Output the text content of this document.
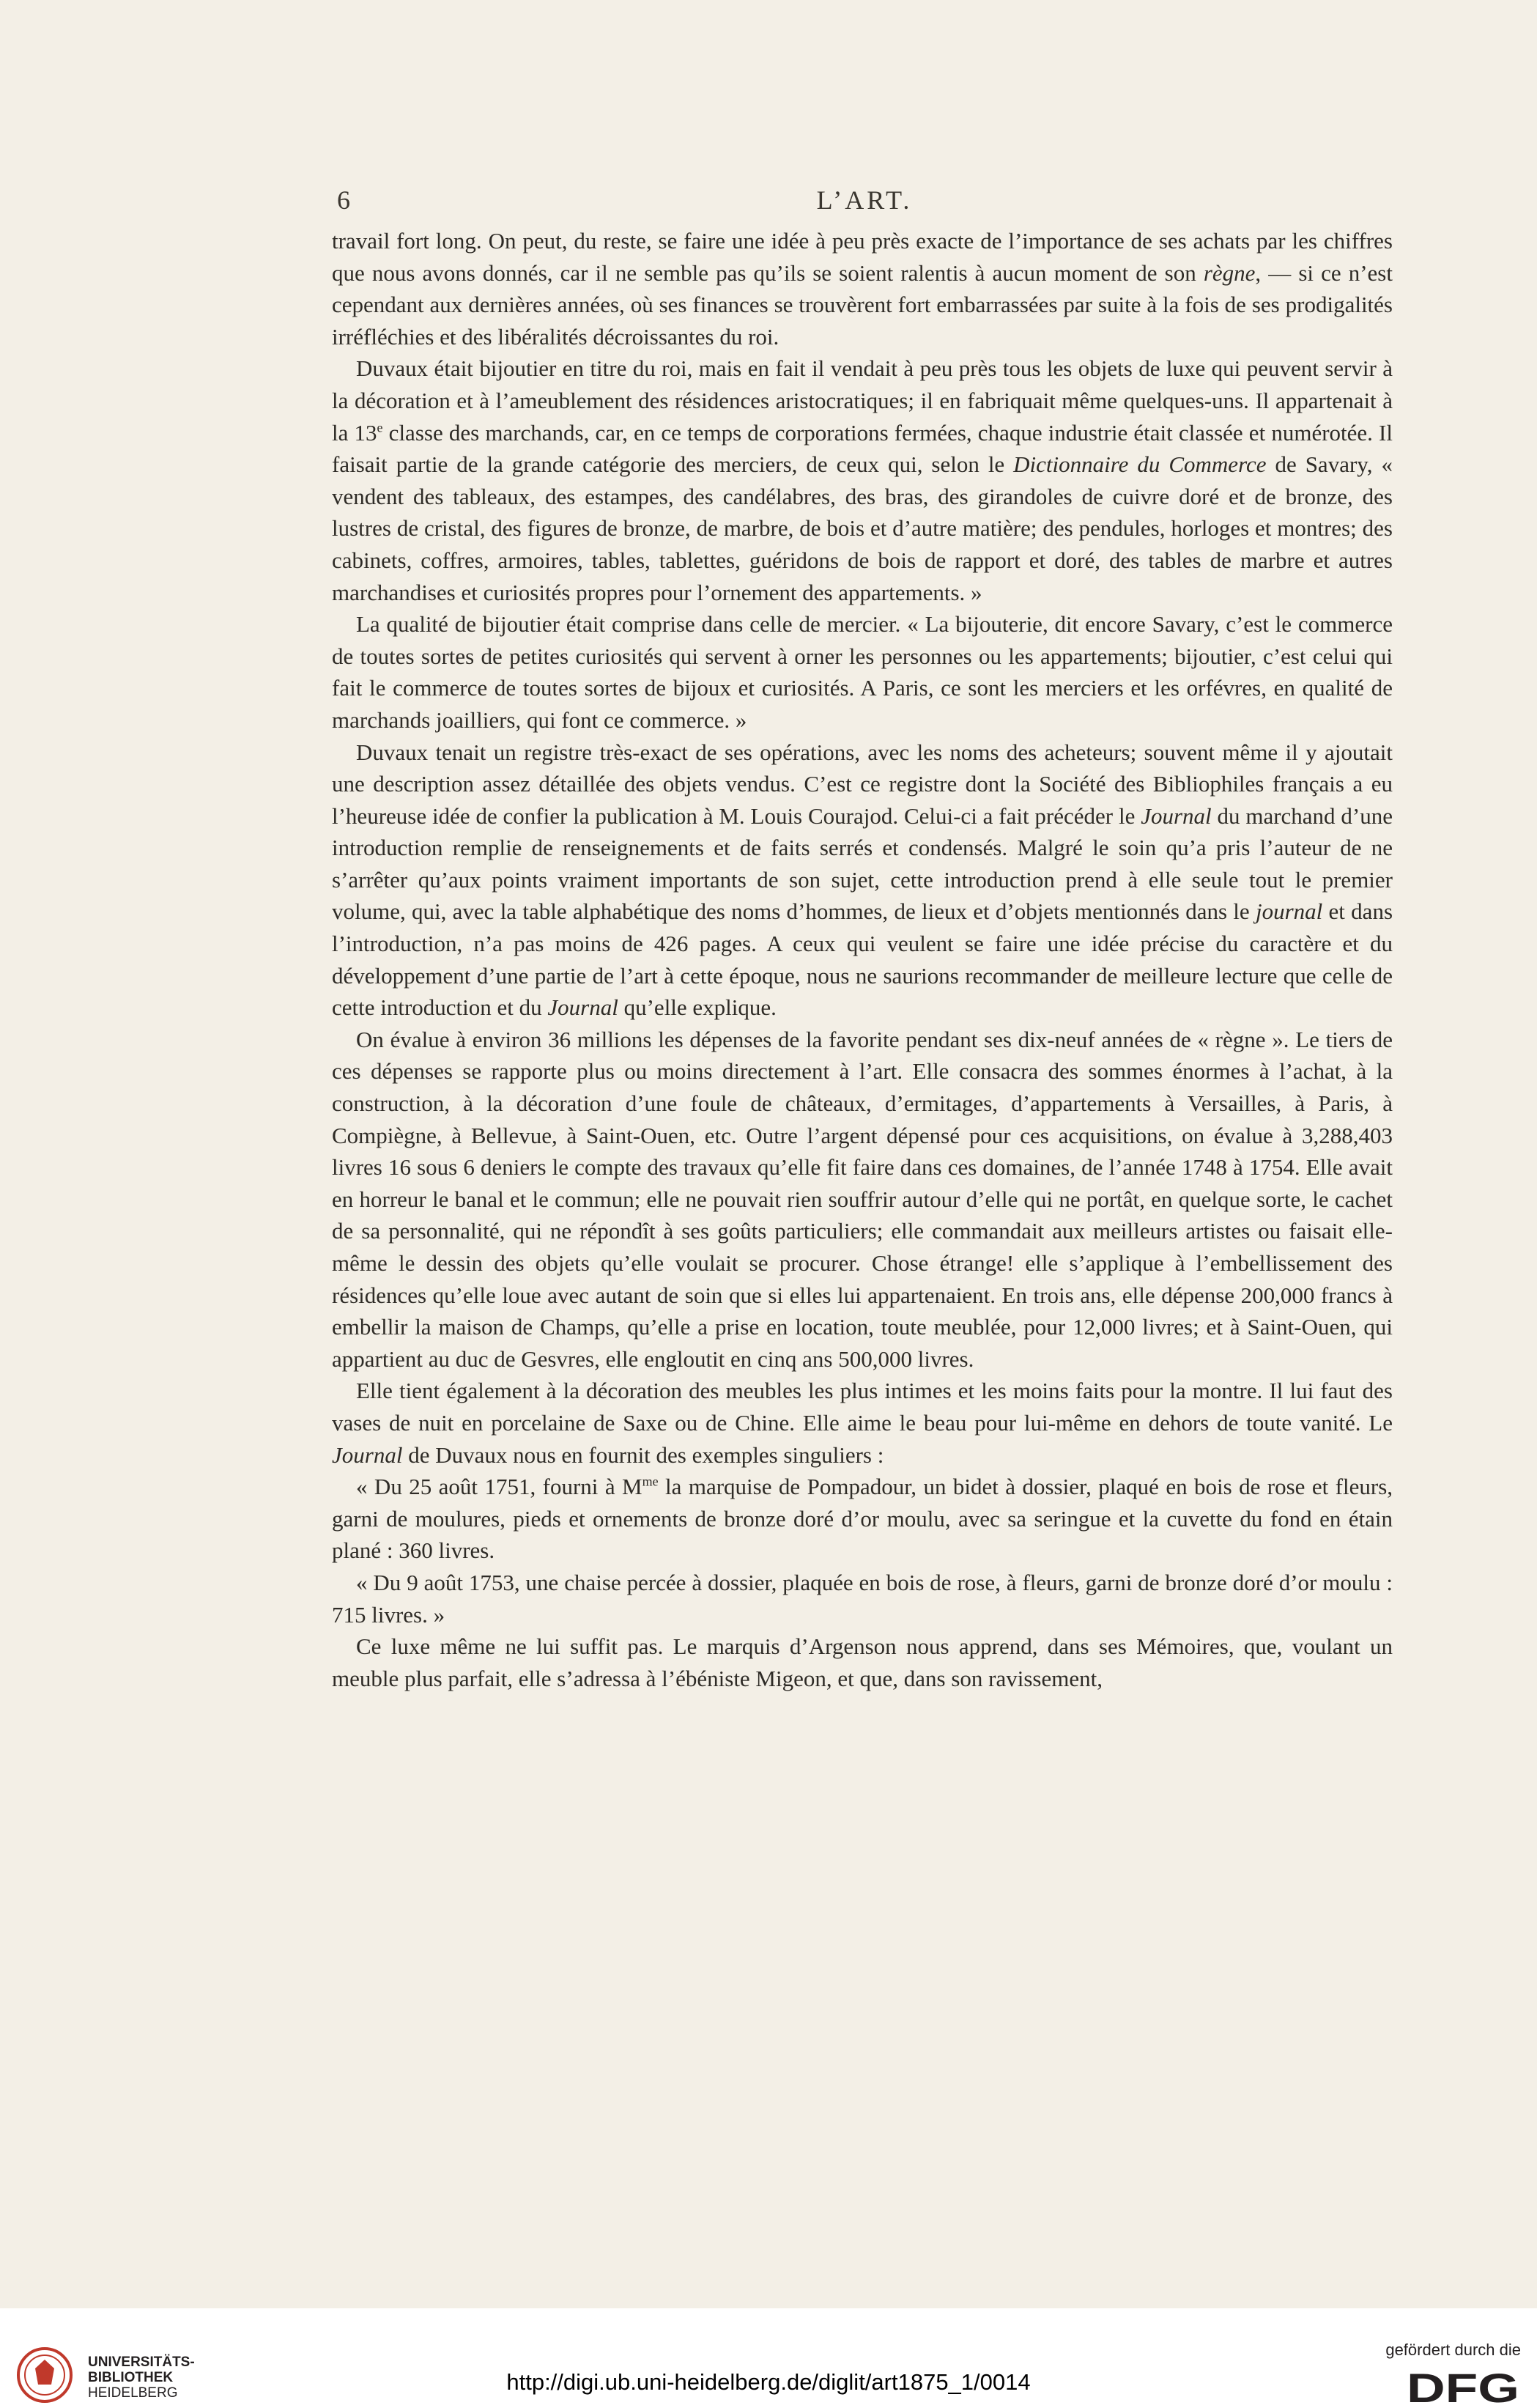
6	L’ART.

travail fort long. On peut, du reste, se faire une idée à peu près exacte de l’importance de ses achats par les chiffres que nous avons donnés, car il ne semble pas qu’ils se soient ralentis à aucun moment de son règne, — si ce n’est cependant aux dernières années, où ses finances se trouvèrent fort embarrassées par suite à la fois de ses prodigalités irréfléchies et des libéralités décroissantes du roi.

Duvaux était bijoutier en titre du roi, mais en fait il vendait à peu près tous les objets de luxe qui peuvent servir à la décoration et à l’ameublement des résidences aristocratiques; il en fabriquait même quelques-uns. Il appartenait à la 13e classe des marchands, car, en ce temps de corporations fermées, chaque industrie était classée et numérotée. Il faisait partie de la grande catégorie des merciers, de ceux qui, selon le Dictionnaire du Commerce de Savary, « vendent des tableaux, des estampes, des candélabres, des bras, des girandoles de cuivre doré et de bronze, des lustres de cristal, des figures de bronze, de marbre, de bois et d’autre matière; des pendules, horloges et montres; des cabinets, coffres, armoires, tables, tablettes, guéridons de bois de rapport et doré, des tables de marbre et autres marchandises et curiosités propres pour l’ornement des appartements. »

La qualité de bijoutier était comprise dans celle de mercier. « La bijouterie, dit encore Savary, c’est le commerce de toutes sortes de petites curiosités qui servent à orner les personnes ou les appartements; bijoutier, c’est celui qui fait le commerce de toutes sortes de bijoux et curiosités. A Paris, ce sont les merciers et les orfévres, en qualité de marchands joailliers, qui font ce commerce. »

Duvaux tenait un registre très-exact de ses opérations, avec les noms des acheteurs; souvent même il y ajoutait une description assez détaillée des objets vendus. C’est ce registre dont la Société des Bibliophiles français a eu l’heureuse idée de confier la publication à M. Louis Courajod. Celui-ci a fait précéder le Journal du marchand d’une introduction remplie de renseignements et de faits serrés et condensés. Malgré le soin qu’a pris l’auteur de ne s’arrêter qu’aux points vraiment importants de son sujet, cette introduction prend à elle seule tout le premier volume, qui, avec la table alphabétique des noms d’hommes, de lieux et d’objets mentionnés dans le journal et dans l’introduction, n’a pas moins de 426 pages. A ceux qui veulent se faire une idée précise du caractère et du développement d’une partie de l’art à cette époque, nous ne saurions recommander de meilleure lecture que celle de cette introduction et du Journal qu’elle explique.

On évalue à environ 36 millions les dépenses de la favorite pendant ses dix-neuf années de « règne ». Le tiers de ces dépenses se rapporte plus ou moins directement à l’art. Elle consacra des sommes énormes à l’achat, à la construction, à la décoration d’une foule de châteaux, d’ermitages, d’appartements à Versailles, à Paris, à Compiègne, à Bellevue, à Saint-Ouen, etc. Outre l’argent dépensé pour ces acquisitions, on évalue à 3,288,403 livres 16 sous 6 deniers le compte des travaux qu’elle fit faire dans ces domaines, de l’année 1748 à 1754. Elle avait en horreur le banal et le commun; elle ne pouvait rien souffrir autour d’elle qui ne portât, en quelque sorte, le cachet de sa personnalité, qui ne répondît à ses goûts particuliers; elle commandait aux meilleurs artistes ou faisait elle-même le dessin des objets qu’elle voulait se procurer. Chose étrange! elle s’applique à l’embellissement des résidences qu’elle loue avec autant de soin que si elles lui appartenaient. En trois ans, elle dépense 200,000 francs à embellir la maison de Champs, qu’elle a prise en location, toute meublée, pour 12,000 livres; et à Saint-Ouen, qui appartient au duc de Gesvres, elle engloutit en cinq ans 500,000 livres.

Elle tient également à la décoration des meubles les plus intimes et les moins faits pour la montre. Il lui faut des vases de nuit en porcelaine de Saxe ou de Chine. Elle aime le beau pour lui-même en dehors de toute vanité. Le Journal de Duvaux nous en fournit des exemples singuliers :

« Du 25 août 1751, fourni à $M^{me}$ la marquise de Pompadour, un bidet à dossier, plaqué en bois de rose et fleurs, garni de moulures, pieds et ornements de bronze doré d’or moulu, avec sa seringue et la cuvette du fond en étain plané : 360 livres.

« Du 9 août 1753, une chaise percée à dossier, plaquée en bois de rose, à fleurs, garni de bronze doré d’or moulu : 715 livres. »

Ce luxe même ne lui suffit pas. Le marquis d’Argenson nous apprend, dans ses Mémoires, que, voulant un meuble plus parfait, elle s’adressa à l’ébéniste Migeon, et que, dans son ravissement,

UNIVERSITÄTS-
BIBLIOTHEK
HEIDELBERG	http://digi.ub.uni-heidelberg.de/diglit/art1875_1/0014
gefördert durch die
DFG
